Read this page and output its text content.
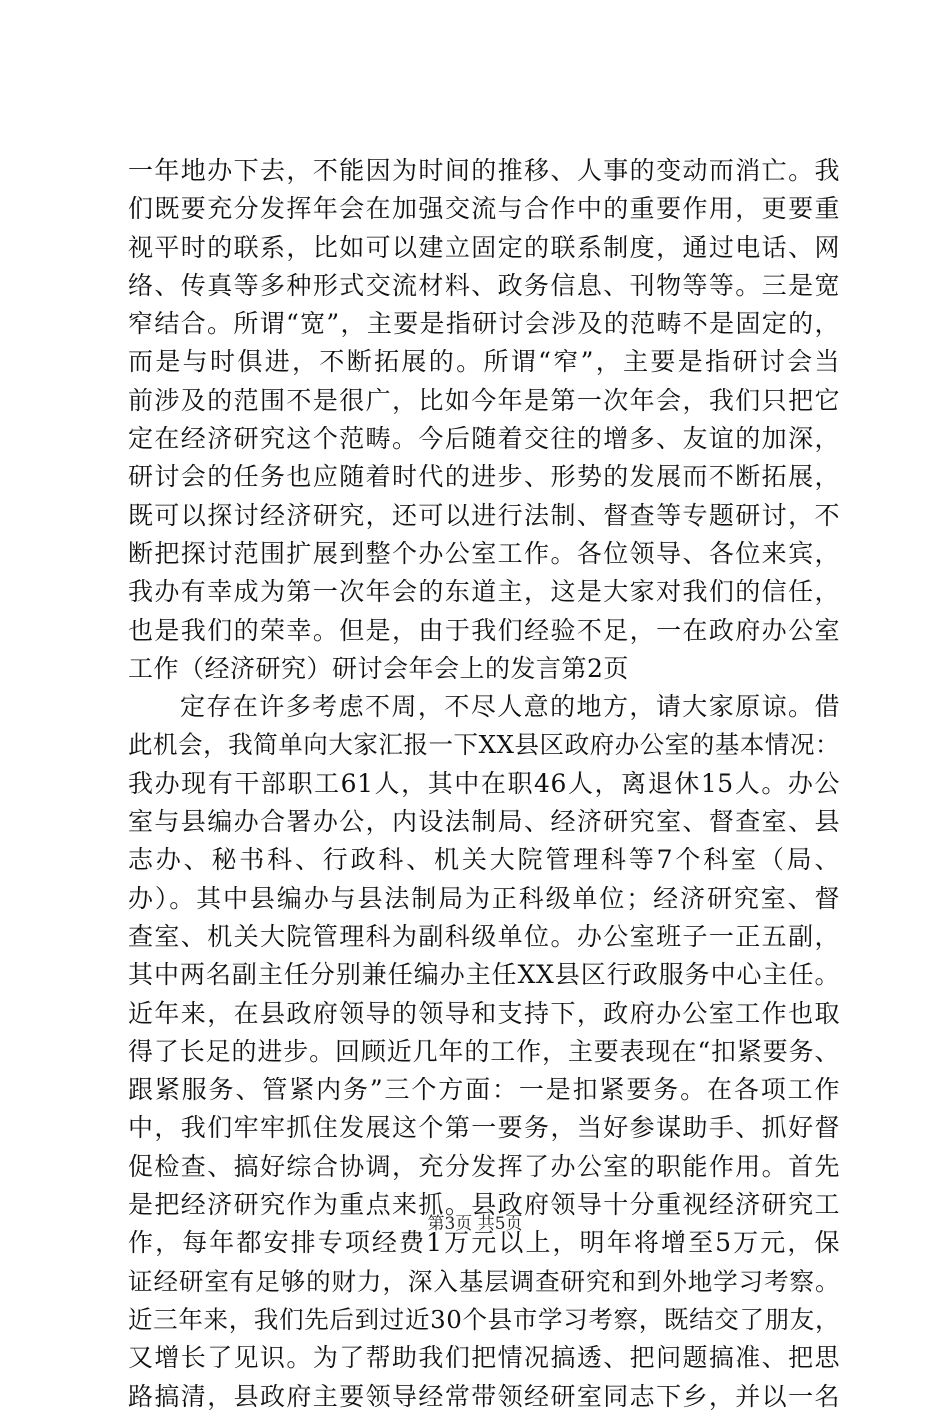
一年地办下去，不能因为时间的推移、人事的变动而消亡。我
们既要充分发挥年会在加强交流与合作中的重要作用，更要重
视平时的联系，比如可以建立固定的联系制度，通过电话、网
络、传真等多种形式交流材料、政务信息、刊物等等。三是宽
窄结合。所谓“宽”，主要是指研讨会涉及的范畴不是固定的，
而是与时俱进，不断拓展的。所谓“窄”，主要是指研讨会当
前涉及的范围不是很广，比如今年是第一次年会，我们只把它
定在经济研究这个范畴。今后随着交往的增多、友谊的加深，
研讨会的任务也应随着时代的进步、形势的发展而不断拓展，
既可以探讨经济研究，还可以进行法制、督查等专题研讨，不
断把探讨范围扩展到整个办公室工作。各位领导、各位来宾，
我办有幸成为第一次年会的东道主，这是大家对我们的信任，
也是我们的荣幸。但是，由于我们经验不足，一在政府办公室
工作（经济研究）研讨会年会上的发言第2页
定存在许多考虑不周，不尽人意的地方，请大家原谅。借
此机会，我简单向大家汇报一下XX县区政府办公室的基本情况：
我办现有干部职工61人，其中在职46人，离退休15人。办公
室与县编办合署办公，内设法制局、经济研究室、督查室、县
志办、秘书科、行政科、机关大院管理科等7个科室（局、
办）。其中县编办与县法制局为正科级单位；经济研究室、督
查室、机关大院管理科为副科级单位。办公室班子一正五副，
其中两名副主任分别兼任编办主任XX县区行政服务中心主任。
近年来，在县政府领导的领导和支持下，政府办公室工作也取
得了长足的进步。回顾近几年的工作，主要表现在“扣紧要务、
跟紧服务、管紧内务”三个方面：一是扣紧要务。在各项工作
中，我们牢牢抓住发展这个第一要务，当好参谋助手、抓好督
促检查、搞好综合协调，充分发挥了办公室的职能作用。首先
是把经济研究作为重点来抓。县政府领导十分重视经济研究工
作，每年都安排专项经费1万元以上，明年将增至5万元，保
证经研室有足够的财力，深入基层调查研究和到外地学习考察。
近三年来，我们先后到过近30个县市学习考察，既结交了朋友，
又增长了见识。为了帮助我们把情况搞透、把问题搞准、把思
路搞清，县政府主要领导经常带领经研室同志下乡，并以一名
第3页 共5页
